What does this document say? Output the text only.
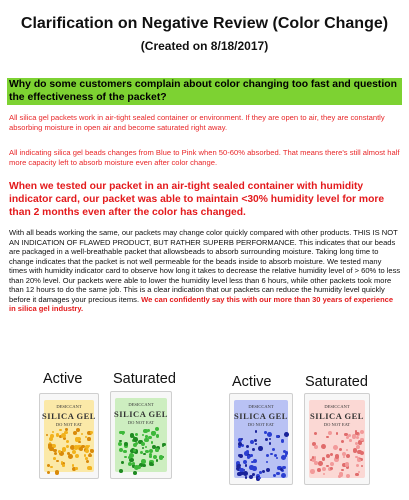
Clarification on Negative Review (Color Change)
(Created on 8/18/2017)
Why do some customers complain about color changing too fast and question the effectiveness of the packet?
All silica gel packets work in air-tight sealed container or environment. If they are open to air, they are constantly absorbing moisture in open air and become saturated right away.
All indicating silica gel beads changes from Blue to Pink when 50-60% absorbed. That means there's still almost half more capacity left to absorb moisture even after color change.
When we tested our packet in an air-tight sealed container with humidity indicator card, our packet was able to maintain <30% humidity level for more than 2 months even after the color has changed.
With all beads working the same, our packets may change color quickly compared with other products. THIS IS NOT AN INDICATION OF FLAWED PRODUCT, BUT RATHER SUPERB PERFORMANCE. This indicates that our beads are packaged in a well-breathable packet that allowsbeads to absorb surrounding moisture. Taking long time to change indicates that the packet is not well permeable for the beads inside to absorb moisture. We tested many times with humidity indicator card to observe how long it takes to decrease the relative humidity level of > 60% to less than 20% level. Our packets were able to lower the humidity level less than 6 hours, while other packets took more than 12 hours to do the same job. This is a clear indication that our packets can reduce the humidity level quickly before it damages your precious items. We can confidently say this with our more than 30 years of experience in silica gel industry.
Active Saturated	Active Saturated
DESICCANT
SILICA GEL
DO NOT EAT
DESICCANT
SILICA GEL
DO NOT EAT
DESICCANT
SILICA GEL
DO NOT EAT
DESICCANT
SILICA GEL
DO NOT EAT
